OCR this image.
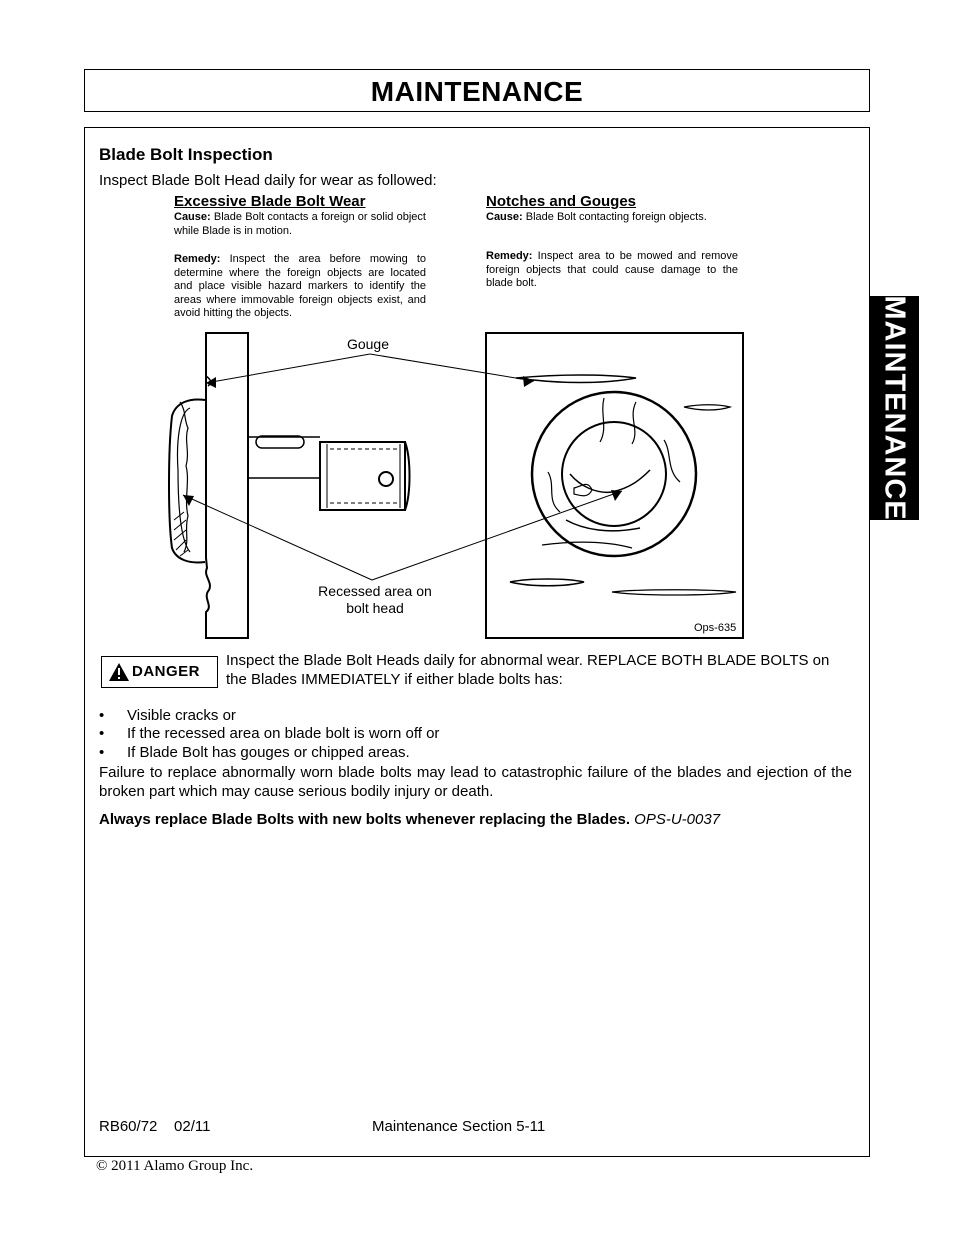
MAINTENANCE
MAINTENANCE
Blade Bolt Inspection
Inspect Blade Bolt Head daily for wear as followed:
Excessive Blade Bolt Wear
Cause: Blade Bolt contacts a foreign or solid object while Blade is in motion.
Remedy: Inspect the area before mowing to determine where the foreign objects are located and place visible hazard markers to identify the areas where immovable foreign objects exist, and avoid hitting the objects.
Notches and Gouges
Cause: Blade Bolt contacting foreign objects.
Remedy: Inspect area to be mowed and remove foreign objects that could cause damage to the blade bolt.
Gouge
Recessed area on
bolt head
Ops-635
DANGER
Inspect the Blade Bolt Heads daily for abnormal wear. REPLACE BOTH BLADE BOLTS on the Blades IMMEDIATELY if either blade bolts has:
• Visible cracks or
• If the recessed area on blade bolt is worn off or
• If Blade Bolt has gouges or chipped areas.
Failure to replace abnormally worn blade bolts may lead to catastrophic failure of the blades and ejection of the broken part which may cause serious bodily injury or death.
Always replace Blade Bolts with new bolts whenever replacing the Blades. OPS-U-0037
RB60/72 02/11	Maintenance Section 5-11
© 2011 Alamo Group Inc.
